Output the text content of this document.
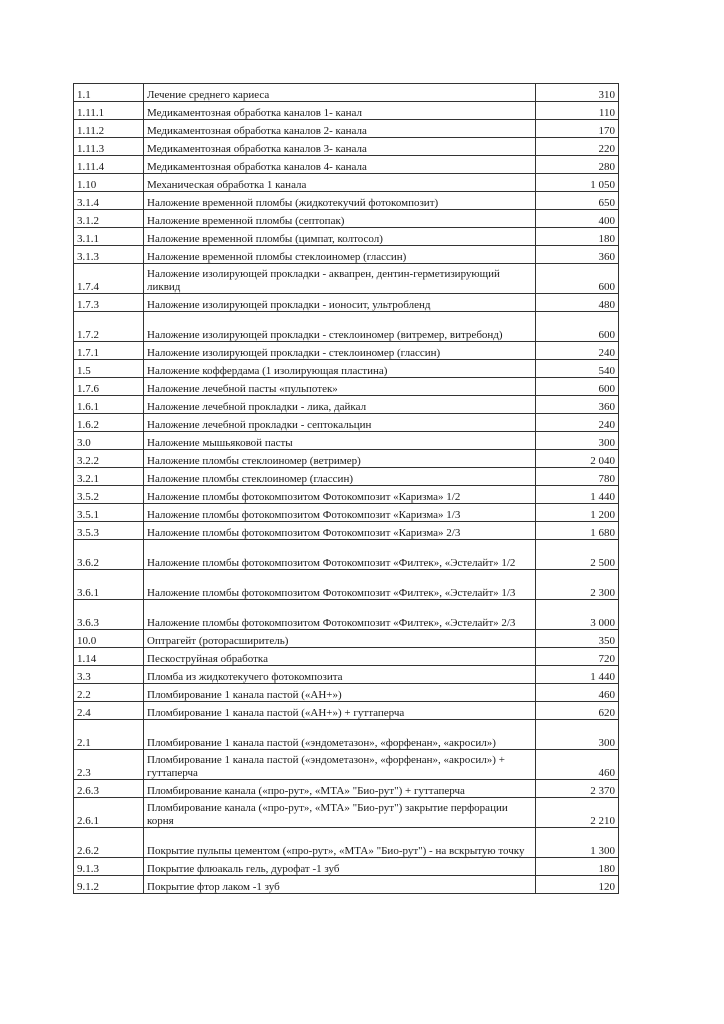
1.1	Лечение среднего кариеса	310
1.11.1	Медикаментозная обработка каналов 1- канал	110
1.11.2	Медикаментозная обработка каналов 2- канала	170
1.11.3	Медикаментозная обработка каналов 3- канала	220
1.11.4	Медикаментозная обработка каналов 4- канала	280
1.10	Механическая обработка 1 канала	1 050
3.1.4	Наложение временной пломбы (жидкотекучий фотокомпозит)	650
3.1.2	Наложение временной пломбы (септопак)	400
3.1.1	Наложение временной пломбы (цимпат, колтосол)	180
3.1.3	Наложение временной пломбы стеклоиномер (глассин)	360
1.7.4	Наложение изолирующей прокладки - аквапрен, дентин-герметизирующий ликвид	600
1.7.3	Наложение изолирующей прокладки - ионосит, ультробленд	480
1.7.2	Наложение изолирующей прокладки - стеклоиномер (витремер, витребонд)	600
1.7.1	Наложение изолирующей прокладки - стеклоиномер (глассин)	240
1.5	Наложение коффердама (1 изолирующая пластина)	540
1.7.6	Наложение лечебной пасты «пульпотек»	600
1.6.1	Наложение лечебной прокладки - лика, дайкал	360
1.6.2	Наложение лечебной прокладки - септокальцин	240
3.0	Наложение мышьяковой пасты	300
3.2.2	Наложение пломбы стеклоиномер (ветример)	2 040
3.2.1	Наложение пломбы стеклоиномер (глассин)	780
3.5.2	Наложение пломбы фотокомпозитом Фотокомпозит «Каризма» 1/2	1 440
3.5.1	Наложение пломбы фотокомпозитом Фотокомпозит «Каризма» 1/3	1 200
3.5.3	Наложение пломбы фотокомпозитом Фотокомпозит «Каризма» 2/3	1 680
3.6.2	Наложение пломбы фотокомпозитом Фотокомпозит «Филтек», «Эстелайт» 1/2	2 500
3.6.1	Наложение пломбы фотокомпозитом Фотокомпозит «Филтек», «Эстелайт» 1/3	2 300
3.6.3	Наложение пломбы фотокомпозитом Фотокомпозит «Филтек», «Эстелайт» 2/3	3 000
10.0	Оптрагейт (роторасширитель)	350
1.14	Пескоструйная обработка	720
3.3	Пломба из жидкотекучего фотокомпозита	1 440
2.2	Пломбирование 1 канала пастой («АН+»)	460
2.4	Пломбирование 1 канала пастой («АН+») + гуттаперча	620
2.1	Пломбирование 1 канала пастой («эндометазон», «форфенан», «акросил»)	300
2.3	Пломбирование 1 канала пастой («эндометазон», «форфенан», «акросил») + гуттаперча	460
2.6.3	Пломбирование канала («про-рут», «МТА» "Био-рут") + гуттаперча	2 370
2.6.1	Пломбирование канала («про-рут», «МТА» "Био-рут") закрытие перфорации корня	2 210
2.6.2	Покрытие пульпы цементом («про-рут», «МТА» "Био-рут") - на вскрытую точку	1 300
9.1.3	Покрытие флюакаль гель, дурофат -1 зуб	180
9.1.2	Покрытие фтор лаком -1 зуб	120
